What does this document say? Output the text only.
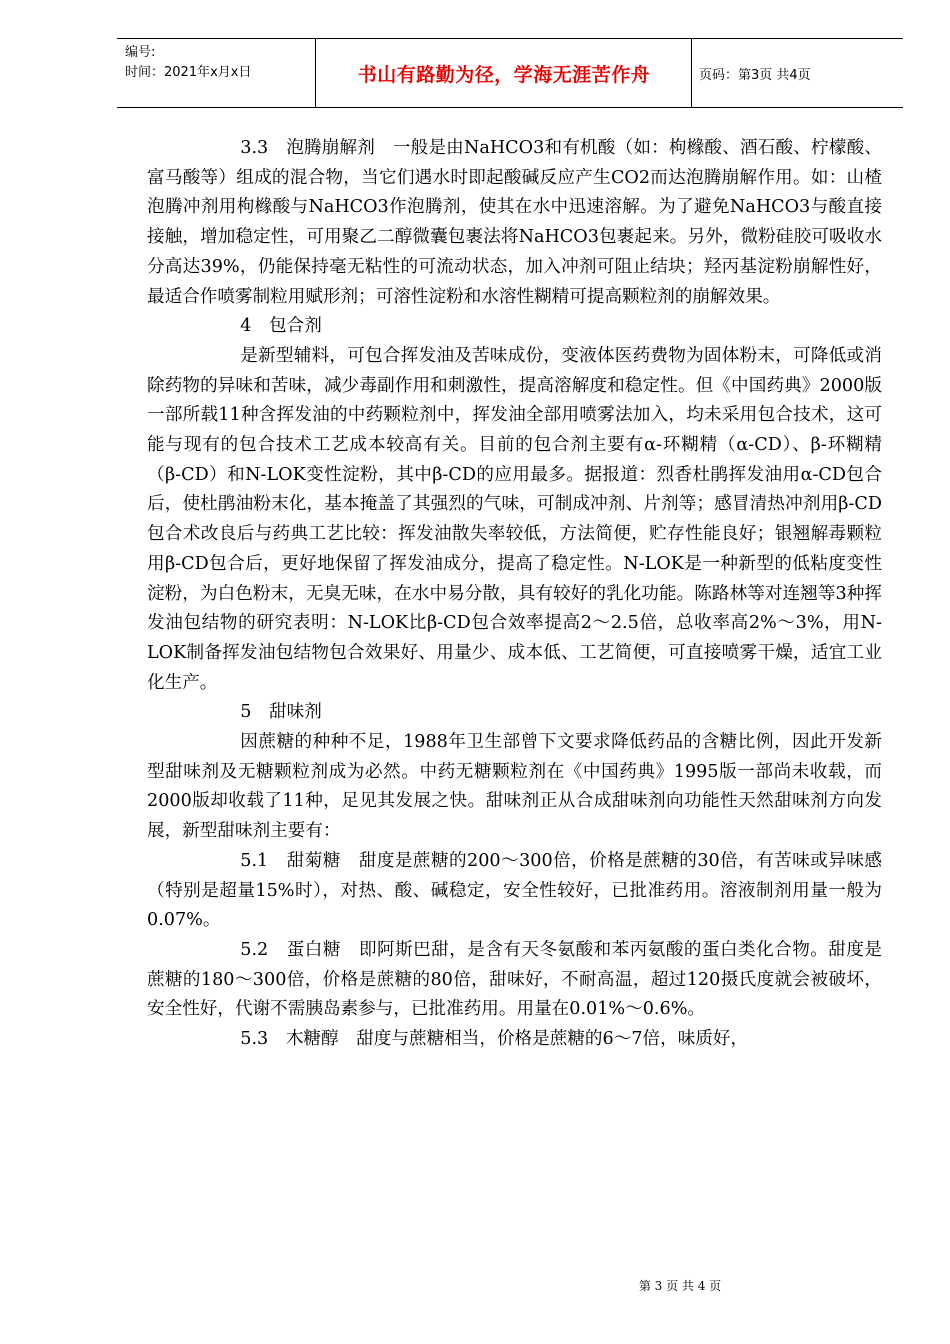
编号:
时间：2021年x月x日	书山有路勤为径，学海无涯苦作舟	页码：第3页 共4页

3.3　泡腾崩解剂　一般是由NaHCO3和有机酸（如：枸橼酸、酒石酸、柠檬酸、富马酸等）组成的混合物，当它们遇水时即起酸碱反应产生CO2而达泡腾崩解作用。如：山楂泡腾冲剂用枸橼酸与NaHCO3作泡腾剂，使其在水中迅速溶解。为了避免NaHCO3与酸直接接触，增加稳定性，可用聚乙二醇微囊包裹法将NaHCO3包裹起来。另外，微粉硅胶可吸收水分高达39%，仍能保持毫无粘性的可流动状态，加入冲剂可阻止结块；羟丙基淀粉崩解性好，最适合作喷雾制粒用赋形剂；可溶性淀粉和水溶性糊精可提高颗粒剂的崩解效果。

4　包合剂

是新型辅料，可包合挥发油及苦味成份，变液体医药费物为固体粉末，可降低或消除药物的异味和苦味，减少毒副作用和刺激性，提高溶解度和稳定性。但《中国药典》2000版一部所载11种含挥发油的中药颗粒剂中，挥发油全部用喷雾法加入，均未采用包合技术，这可能与现有的包合技术工艺成本较高有关。目前的包合剂主要有α-环糊精（α-CD）、β-环糊精（β-CD）和N-LOK变性淀粉，其中β-CD的应用最多。据报道：烈香杜鹃挥发油用α-CD包合后，使杜鹃油粉末化，基本掩盖了其强烈的气味，可制成冲剂、片剂等；感冒清热冲剂用β-CD包合术改良后与药典工艺比较：挥发油散失率较低，方法简便，贮存性能良好；银翘解毒颗粒用β-CD包合后，更好地保留了挥发油成分，提高了稳定性。N-LOK是一种新型的低粘度变性淀粉，为白色粉末，无臭无味，在水中易分散，具有较好的乳化功能。陈路林等对连翘等3种挥发油包结物的研究表明：N-LOK比β-CD包合效率提高2～2.5倍，总收率高2%～3%，用N-LOK制备挥发油包结物包合效果好、用量少、成本低、工艺简便，可直接喷雾干燥，适宜工业化生产。

5　甜味剂

因蔗糖的种种不足，1988年卫生部曾下文要求降低药品的含糖比例，因此开发新型甜味剂及无糖颗粒剂成为必然。中药无糖颗粒剂在《中国药典》1995版一部尚未收载，而2000版却收载了11种，足见其发展之快。甜味剂正从合成甜味剂向功能性天然甜味剂方向发展，新型甜味剂主要有：

5.1　甜菊糖　甜度是蔗糖的200～300倍，价格是蔗糖的30倍，有苦味或异味感（特别是超量15%时），对热、酸、碱稳定，安全性较好，已批准药用。溶液制剂用量一般为0.07%。

5.2　蛋白糖　即阿斯巴甜，是含有天冬氨酸和苯丙氨酸的蛋白类化合物。甜度是蔗糖的180～300倍，价格是蔗糖的80倍，甜味好，不耐高温，超过120摄氏度就会被破坏，安全性好，代谢不需胰岛素参与，已批准药用。用量在0.01%～0.6%。

5.3　木糖醇　甜度与蔗糖相当，价格是蔗糖的6～7倍，味质好，

第 3 页 共 4 页
